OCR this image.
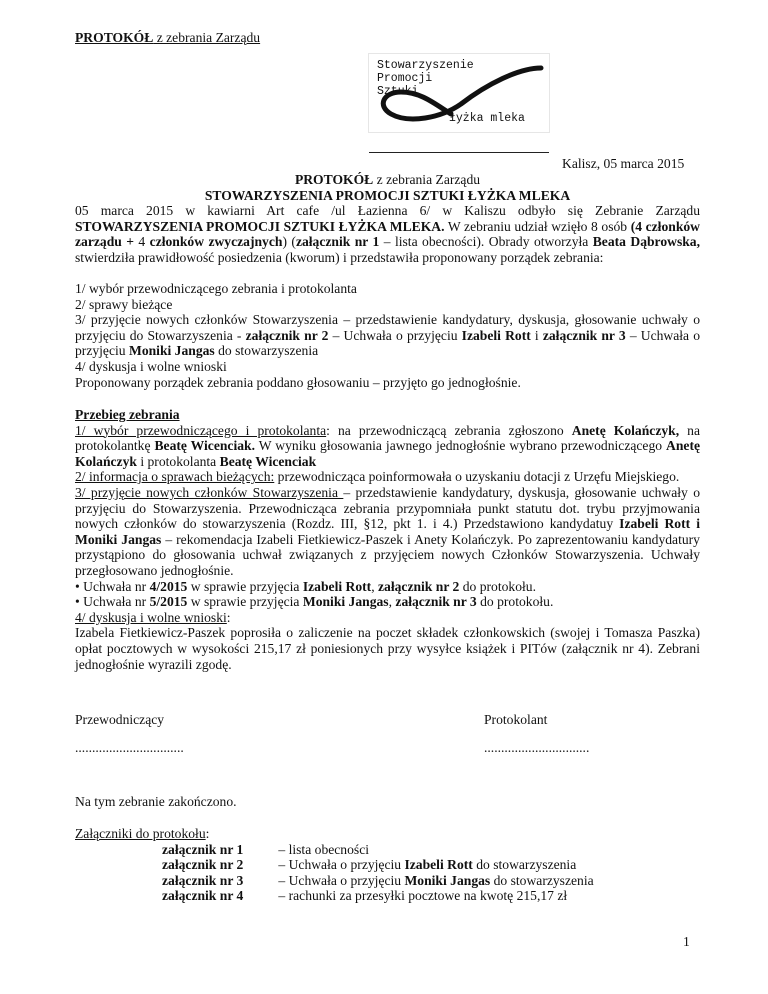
PROTOKÓŁ z zebrania Zarządu
Stowarzyszenie
Promocji
Sztuki
łyżka mleka
Kalisz, 05 marca 2015
PROTOKÓŁ z zebrania Zarządu
STOWARZYSZENIA PROMOCJI SZTUKI ŁYŻKA MLEKA
05 marca 2015 w kawiarni Art cafe /ul Łazienna 6/ w Kaliszu odbyło się Zebranie Zarządu STOWARZYSZENIA PROMOCJI SZTUKI ŁYŻKA MLEKA. W zebraniu udział wzięło 8 osób (4 członków zarządu + 4 członków zwyczajnych) (załącznik nr 1 – lista obecności). Obrady otworzyła Beata Dąbrowska, stwierdziła prawidłowość posiedzenia (kworum) i przedstawiła proponowany porządek zebrania:
1/ wybór przewodniczącego zebrania i protokolanta
2/ sprawy bieżące
3/ przyjęcie nowych członków Stowarzyszenia – przedstawienie kandydatury, dyskusja, głosowanie uchwały o przyjęciu do Stowarzyszenia - załącznik nr 2 – Uchwała o przyjęciu Izabeli Rott i załącznik nr 3 – Uchwała o przyjęciu Moniki Jangas do stowarzyszenia
4/ dyskusja i wolne wnioski
Proponowany porządek zebrania poddano głosowaniu – przyjęto go jednogłośnie.
Przebieg zebrania
1/ wybór przewodniczącego i protokolanta: na przewodniczącą zebrania zgłoszono Anetę Kolańczyk, na protokolantkę Beatę Wicenciak. W wyniku głosowania jawnego jednogłośnie wybrano przewodniczącego Anetę Kolańczyk i protokolanta Beatę Wicenciak
2/ informacja o sprawach bieżących: przewodnicząca poinformowała o uzyskaniu dotacji z Urzęfu Miejskiego.
3/ przyjęcie nowych członków Stowarzyszenia – przedstawienie kandydatury, dyskusja, głosowanie uchwały o przyjęciu do Stowarzyszenia. Przewodnicząca zebrania przypomniała punkt statutu dot. trybu przyjmowania nowych członków do stowarzyszenia (Rozdz. III, §12, pkt 1. i 4.) Przedstawiono kandydatuy Izabeli Rott i Moniki Jangas – rekomendacja Izabeli Fietkiewicz-Paszek i Anety Kolańczyk. Po zaprezentowaniu kandydatury przystąpiono do głosowania uchwał związanych z przyjęciem nowych Członków Stowarzyszenia. Uchwały przegłosowano jednogłośnie.
• Uchwała nr 4/2015 w sprawie przyjęcia Izabeli Rott, załącznik nr 2 do protokołu.
• Uchwała nr 5/2015 w sprawie przyjęcia Moniki Jangas, załącznik nr 3 do protokołu.
4/ dyskusja i wolne wnioski:
Izabela Fietkiewicz-Paszek poprosiła o zaliczenie na poczet składek członkowskich (swojej i Tomasza Paszka) opłat pocztowych w wysokości 215,17 zł poniesionych przy wysyłce książek i PITów (załącznik nr 4). Zebrani jednogłośnie wyrazili zgodę.
Przewodniczący	Protokolant
................................	...............................
Na tym zebranie zakończono.
Załączniki do protokołu:
załącznik nr 1 – lista obecności
załącznik nr 2 – Uchwała o przyjęciu Izabeli Rott do stowarzyszenia
załącznik nr 3 – Uchwała o przyjęciu Moniki Jangas do stowarzyszenia
załącznik nr 4 – rachunki za przesyłki pocztowe na kwotę 215,17 zł
1
